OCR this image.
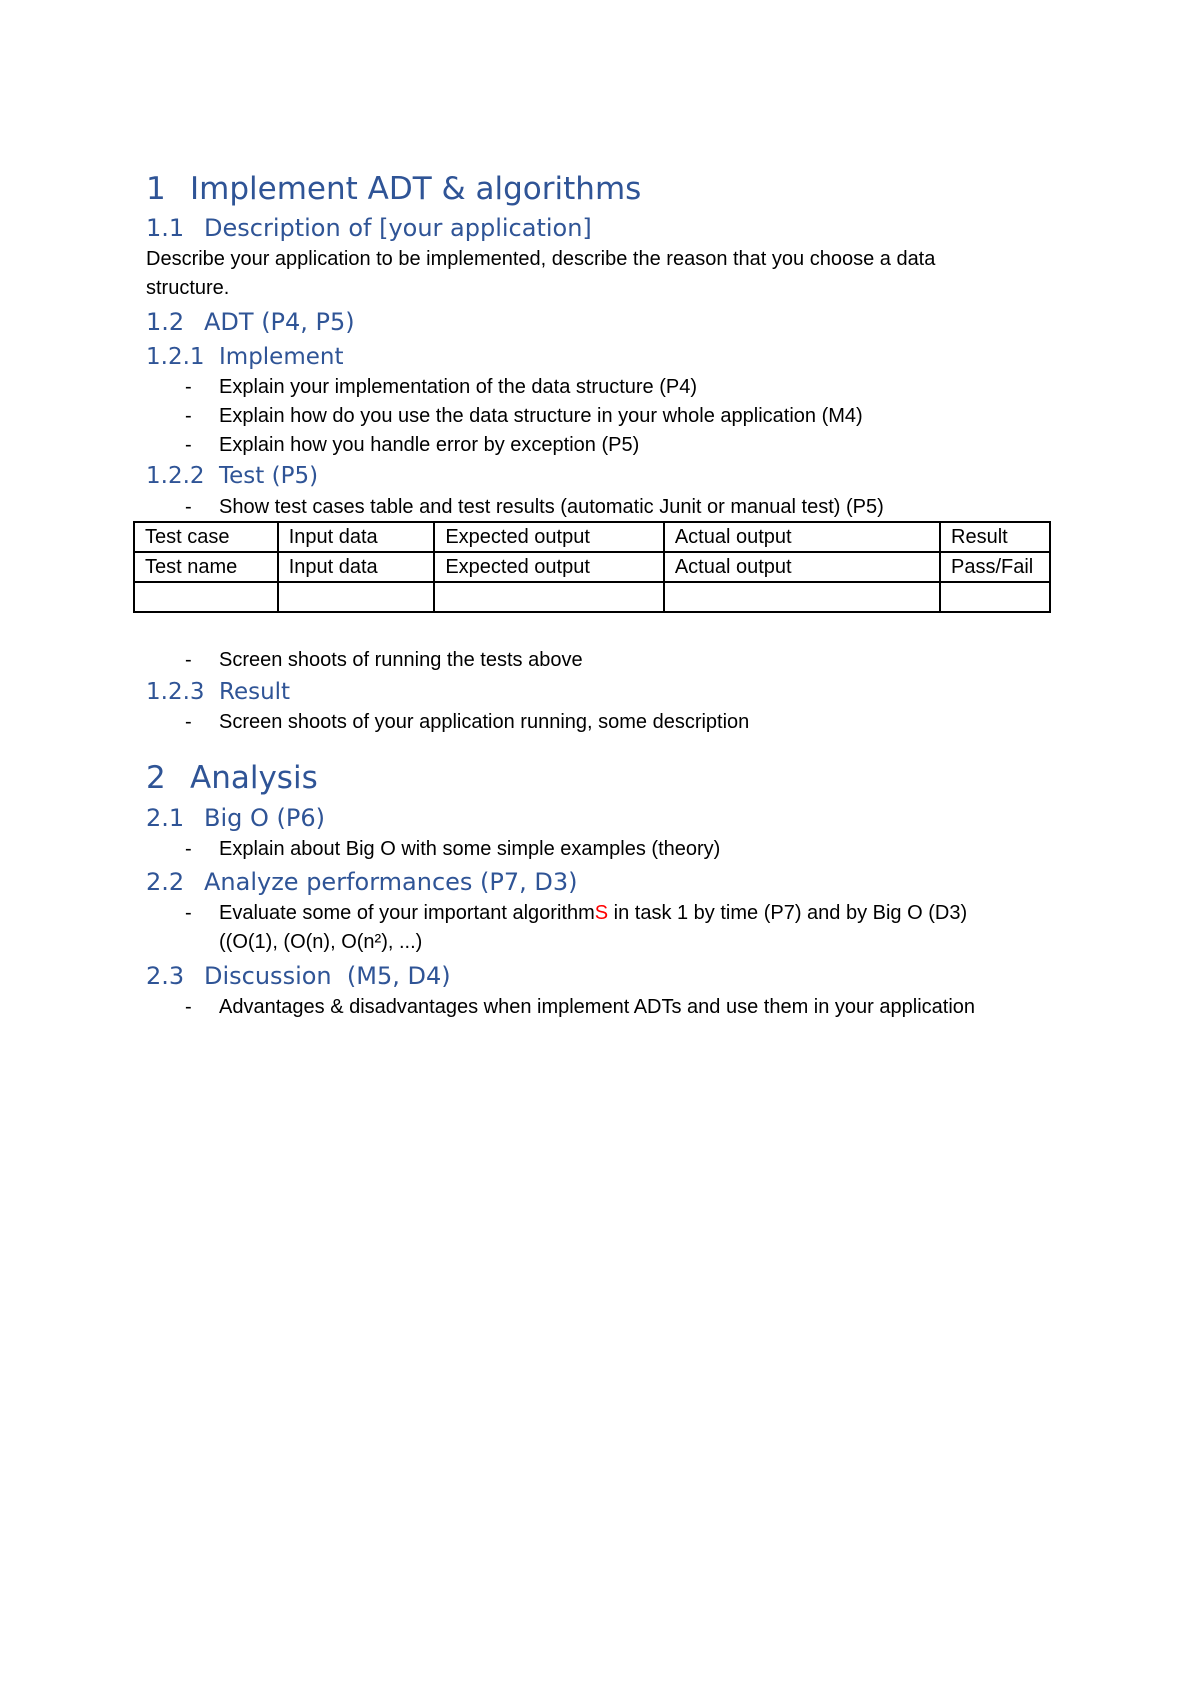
1 Implement ADT & algorithms
1.1 Description of [your application]
Describe your application to be implemented, describe the reason that you choose a data
structure.
1.2 ADT (P4, P5)
1.2.1 Implement
- Explain your implementation of the data structure (P4)
- Explain how do you use the data structure in your whole application (M4)
- Explain how you handle error by exception (P5)
1.2.2 Test (P5)
- Show test cases table and test results (automatic Junit or manual test) (P5)
Test case	Input data	Expected output	Actual output	Result
Test name	Input data	Expected output	Actual output	Pass/Fail

- Screen shoots of running the tests above
1.2.3 Result
- Screen shoots of your application running, some description
2 Analysis
2.1 Big O (P6)
- Explain about Big O with some simple examples (theory)
2.2 Analyze performances (P7, D3)
- Evaluate some of your important algorithmS in task 1 by time (P7) and by Big O (D3)
((O(1), (O(n), O(n²), ...)
2.3 Discussion  (M5, D4)
- Advantages & disadvantages when implement ADTs and use them in your application
